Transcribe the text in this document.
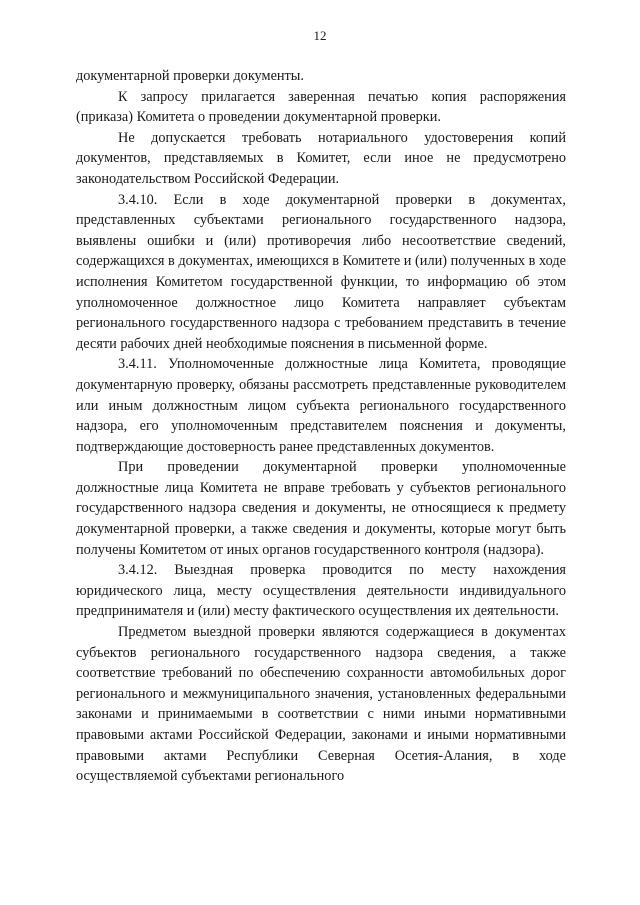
12

документарной проверки документы.

К запросу прилагается заверенная печатью копия распоряжения (приказа) Комитета о проведении документарной проверки.

Не допускается требовать нотариального удостоверения копий документов, представляемых в Комитет, если иное не предусмотрено законодательством Российской Федерации.

3.4.10. Если в ходе документарной проверки в документах, представленных субъектами регионального государственного надзора, выявлены ошибки и (или) противоречия либо несоответствие сведений, содержащихся в документах, имеющихся в Комитете и (или) полученных в ходе исполнения Комитетом государственной функции, то информацию об этом уполномоченное должностное лицо Комитета направляет субъектам регионального государственного надзора с требованием представить в течение десяти рабочих дней необходимые пояснения в письменной форме.

3.4.11. Уполномоченные должностные лица Комитета, проводящие документарную проверку, обязаны рассмотреть представленные руководителем или иным должностным лицом субъекта регионального государственного надзора, его уполномоченным представителем пояснения и документы, подтверждающие достоверность ранее представленных документов.

При проведении документарной проверки уполномоченные должностные лица Комитета не вправе требовать у субъектов регионального государственного надзора сведения и документы, не относящиеся к предмету документарной проверки, а также сведения и документы, которые могут быть получены Комитетом от иных органов государственного контроля (надзора).

3.4.12. Выездная проверка проводится по месту нахождения юридического лица, месту осуществления деятельности индивидуального предпринимателя и (или) месту фактического осуществления их деятельности.

Предметом выездной проверки являются содержащиеся в документах субъектов регионального государственного надзора сведения, а также соответствие требований по обеспечению сохранности автомобильных дорог регионального и межмуниципального значения, установленных федеральными законами и принимаемыми в соответствии с ними иными нормативными правовыми актами Российской Федерации, законами и иными нормативными правовыми актами Республики Северная Осетия-Алания, в ходе осуществляемой субъектами регионального
